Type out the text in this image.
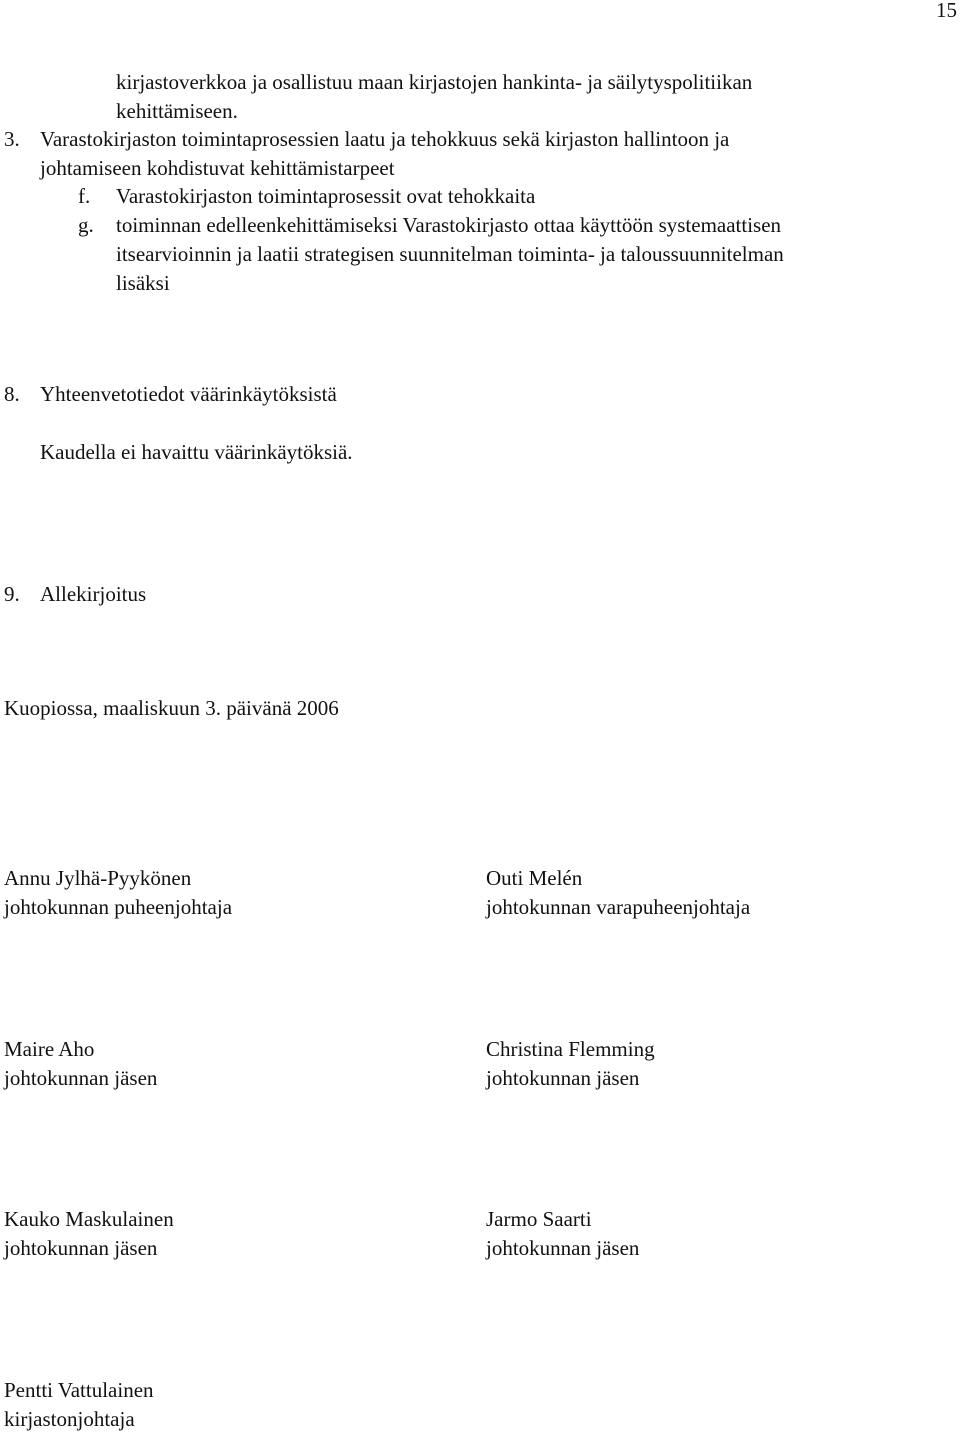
15
kirjastoverkkoa ja osallistuu maan kirjastojen hankinta- ja säilytyspolitiikan
kehittämiseen.
3. Varastokirjaston toimintaprosessien laatu ja tehokkuus sekä kirjaston hallintoon ja
johtamiseen kohdistuvat kehittämistarpeet
f. Varastokirjaston toimintaprosessit ovat tehokkaita
g. toiminnan edelleenkehittämiseksi Varastokirjasto ottaa käyttöön systemaattisen
itsearvioinnin ja laatii strategisen suunnitelman toiminta- ja taloussuunnitelman
lisäksi
8. Yhteenvetotiedot väärinkäytöksistä
Kaudella ei havaittu väärinkäytöksiä.
9. Allekirjoitus
Kuopiossa, maaliskuun 3. päivänä 2006
Annu Jylhä-Pyykönen
johtokunnan puheenjohtaja
Outi Melén
johtokunnan varapuheenjohtaja
Maire Aho
johtokunnan jäsen
Christina Flemming
johtokunnan jäsen
Kauko Maskulainen
johtokunnan jäsen
Jarmo Saarti
johtokunnan jäsen
Pentti Vattulainen
kirjastonjohtaja
